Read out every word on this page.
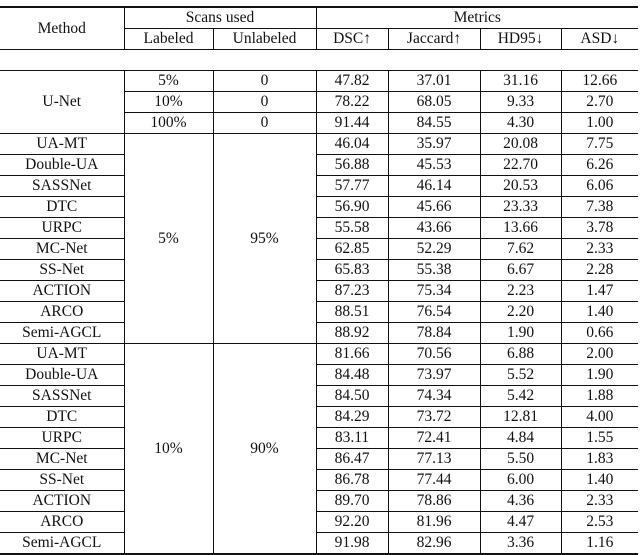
Method	Scans used		Metrics			
	Labeled	Unlabeled	DSC↑	Jaccard↑	HD95↓	ASD↓

U-Net	5%	0	47.82	37.01	31.16	12.66
	10%	0	78.22	68.05	9.33	2.70
	100%	0	91.44	84.55	4.30	1.00
UA-MT	5%	95%	46.04	35.97	20.08	7.75
Double-UA			56.88	45.53	22.70	6.26
SASSNet			57.77	46.14	20.53	6.06
DTC			56.90	45.66	23.33	7.38
URPC			55.58	43.66	13.66	3.78
MC-Net			62.85	52.29	7.62	2.33
SS-Net			65.83	55.38	6.67	2.28
ACTION			87.23	75.34	2.23	1.47
ARCO			88.51	76.54	2.20	1.40
Semi-AGCL			88.92	78.84	1.90	0.66
UA-MT	10%	90%	81.66	70.56	6.88	2.00
Double-UA			84.48	73.97	5.52	1.90
SASSNet			84.50	74.34	5.42	1.88
DTC			84.29	73.72	12.81	4.00
URPC			83.11	72.41	4.84	1.55
MC-Net			86.47	77.13	5.50	1.83
SS-Net			86.78	77.44	6.00	1.40
ACTION			89.70	78.86	4.36	2.33
ARCO			92.20	81.96	4.47	2.53
Semi-AGCL			91.98	82.96	3.36	1.16
